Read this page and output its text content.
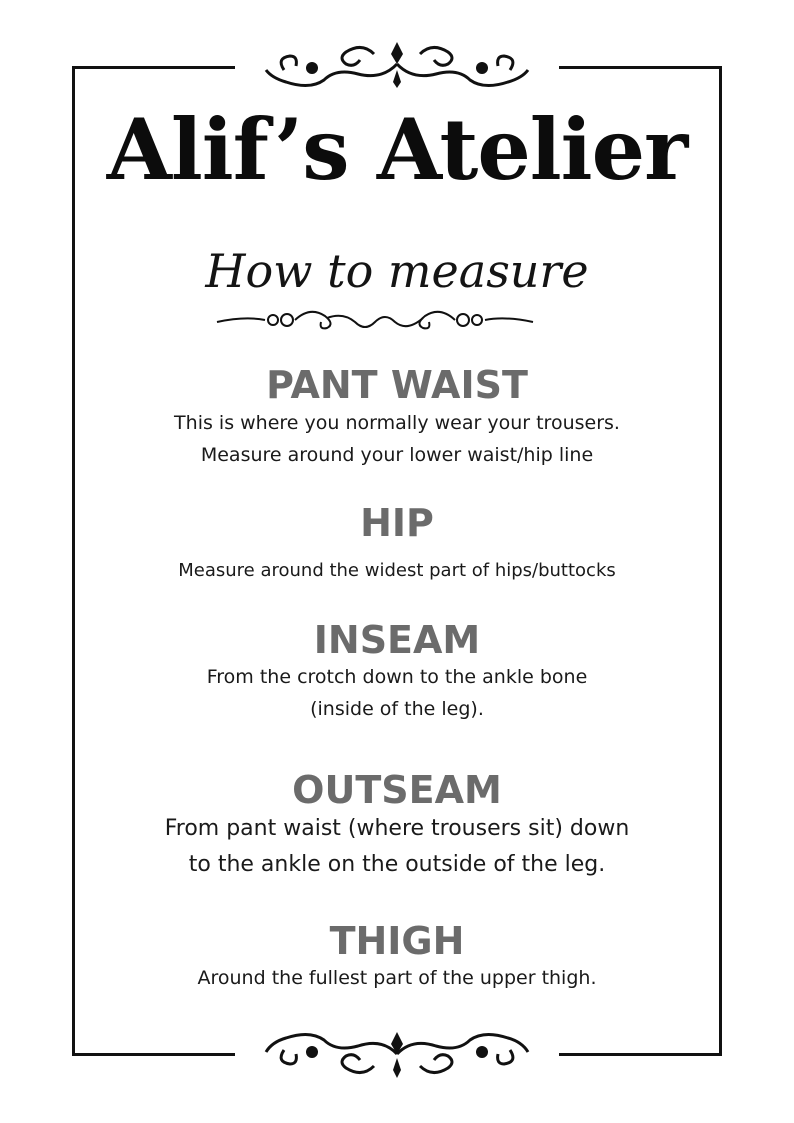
Alif’s Atelier
How to measure
PANT WAIST

This is where you normally wear your trousers.
Measure around your lower waist/hip line

HIP

Measure around the widest part of hips/buttocks

INSEAM

From the crotch down to the ankle bone
(inside of the leg).

OUTSEAM

From pant waist (where trousers sit) down
to the ankle on the outside of the leg.

THIGH

Around the fullest part of the upper thigh.
